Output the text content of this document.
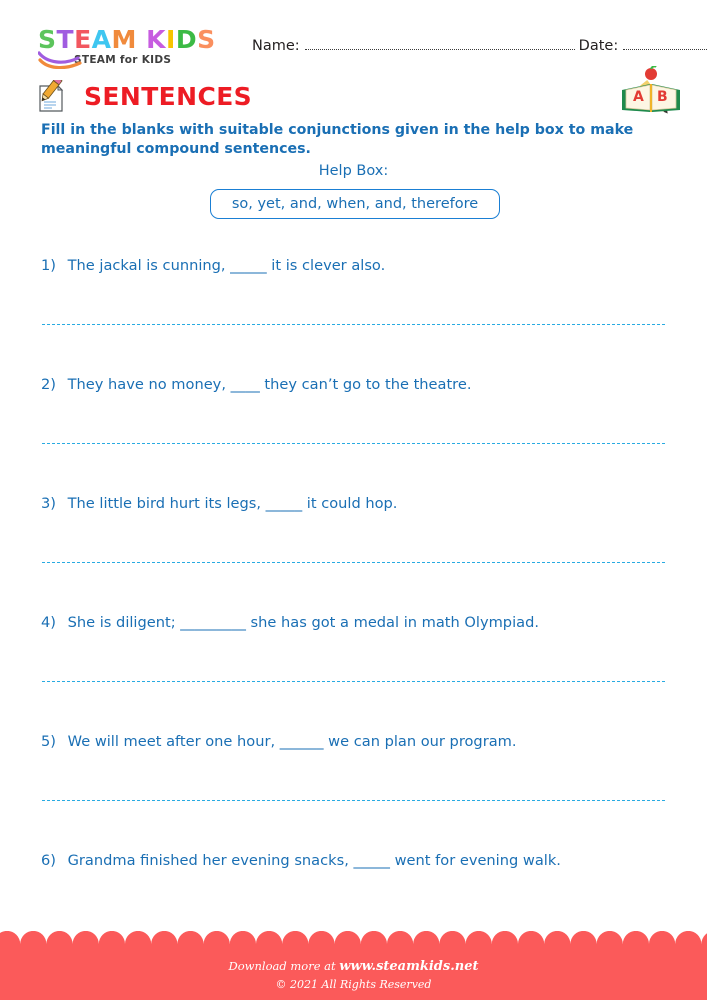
STEAM KIDS
STEAM for KIDS
Name:	Date:
SENTENCES	A B
Fill in the blanks with suitable conjunctions given in the help box to make meaningful compound sentences.
Help Box:
so, yet, and, when, and, therefore
1) The jackal is cunning, _____ it is clever also.
2) They have no money, ____ they can’t go to the theatre.
3) The little bird hurt its legs, _____ it could hop.
4) She is diligent; _________ she has got a medal in math Olympiad.
5) We will meet after one hour, ______ we can plan our program.
6) Grandma finished her evening snacks, _____ went for evening walk.
Download more at www.steamkids.net
© 2021 All Rights Reserved
